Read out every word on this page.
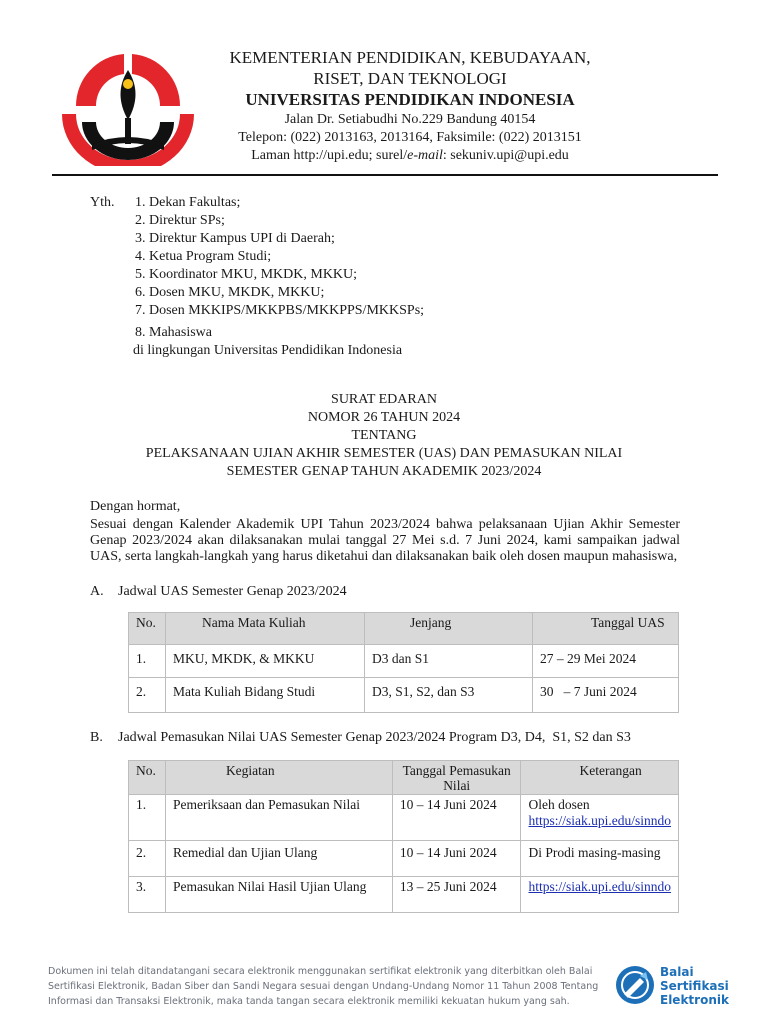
KEMENTERIAN PENDIDIKAN, KEBUDAYAAN,
RISET, DAN TEKNOLOGI
UNIVERSITAS PENDIDIKAN INDONESIA
Jalan Dr. Setiabudhi No.229 Bandung 40154
Telepon: (022) 2013163, 2013164, Faksimile: (022) 2013151
Laman http://upi.edu; surel/e-mail: sekuniv.upi@upi.edu
Yth. 1. Dekan Fakultas;
2. Direktur SPs;
3. Direktur Kampus UPI di Daerah;
4. Ketua Program Studi;
5. Koordinator MKU, MKDK, MKKU;
6. Dosen MKU, MKDK, MKKU;
7. Dosen MKKIPS/MKKPBS/MKKPPS/MKKSPs;
8. Mahasiswa
di lingkungan Universitas Pendidikan Indonesia
SURAT EDARAN
NOMOR 26 TAHUN 2024
TENTANG
PELAKSANAAN UJIAN AKHIR SEMESTER (UAS) DAN PEMASUKAN NILAI
SEMESTER GENAP TAHUN AKADEMIK 2023/2024
Dengan hormat,
Sesuai dengan Kalender Akademik UPI Tahun 2023/2024 bahwa pelaksanaan Ujian Akhir Semester
Genap 2023/2024 akan dilaksanakan mulai tanggal 27 Mei s.d. 7 Juni 2024, kami sampaikan jadwal
UAS, serta langkah-langkah yang harus diketahui dan dilaksanakan baik oleh dosen maupun mahasiswa,
A. Jadwal UAS Semester Genap 2023/2024
No.	Nama Mata Kuliah	Jenjang	Tanggal UAS
1.	MKU, MKDK, & MKKU	D3 dan S1	27 – 29 Mei 2024
2.	Mata Kuliah Bidang Studi	D3, S1, S2, dan S3	30   – 7 Juni 2024
B. Jadwal Pemasukan Nilai UAS Semester Genap 2023/2024 Program D3, D4,  S1, S2 dan S3
No.	Kegiatan	Tanggal Pemasukan Nilai	Keterangan
1.	Pemeriksaan dan Pemasukan Nilai	10 – 14 Juni 2024	Oleh dosen
https://siak.upi.edu/sinndo
2.	Remedial dan Ujian Ulang	10 – 14 Juni 2024	Di Prodi masing-masing
3.	Pemasukan Nilai Hasil Ujian Ulang	13 – 25 Juni 2024	https://siak.upi.edu/sinndo
Dokumen ini telah ditandatangani secara elektronik menggunakan sertifikat elektronik yang diterbitkan oleh Balai
Sertifikasi Elektronik, Badan Siber dan Sandi Negara sesuai dengan Undang-Undang Nomor 11 Tahun 2008 Tentang
Informasi dan Transaksi Elektronik, maka tanda tangan secara elektronik memiliki kekuatan hukum yang sah.
Balai
Sertifikasi
Elektronik
